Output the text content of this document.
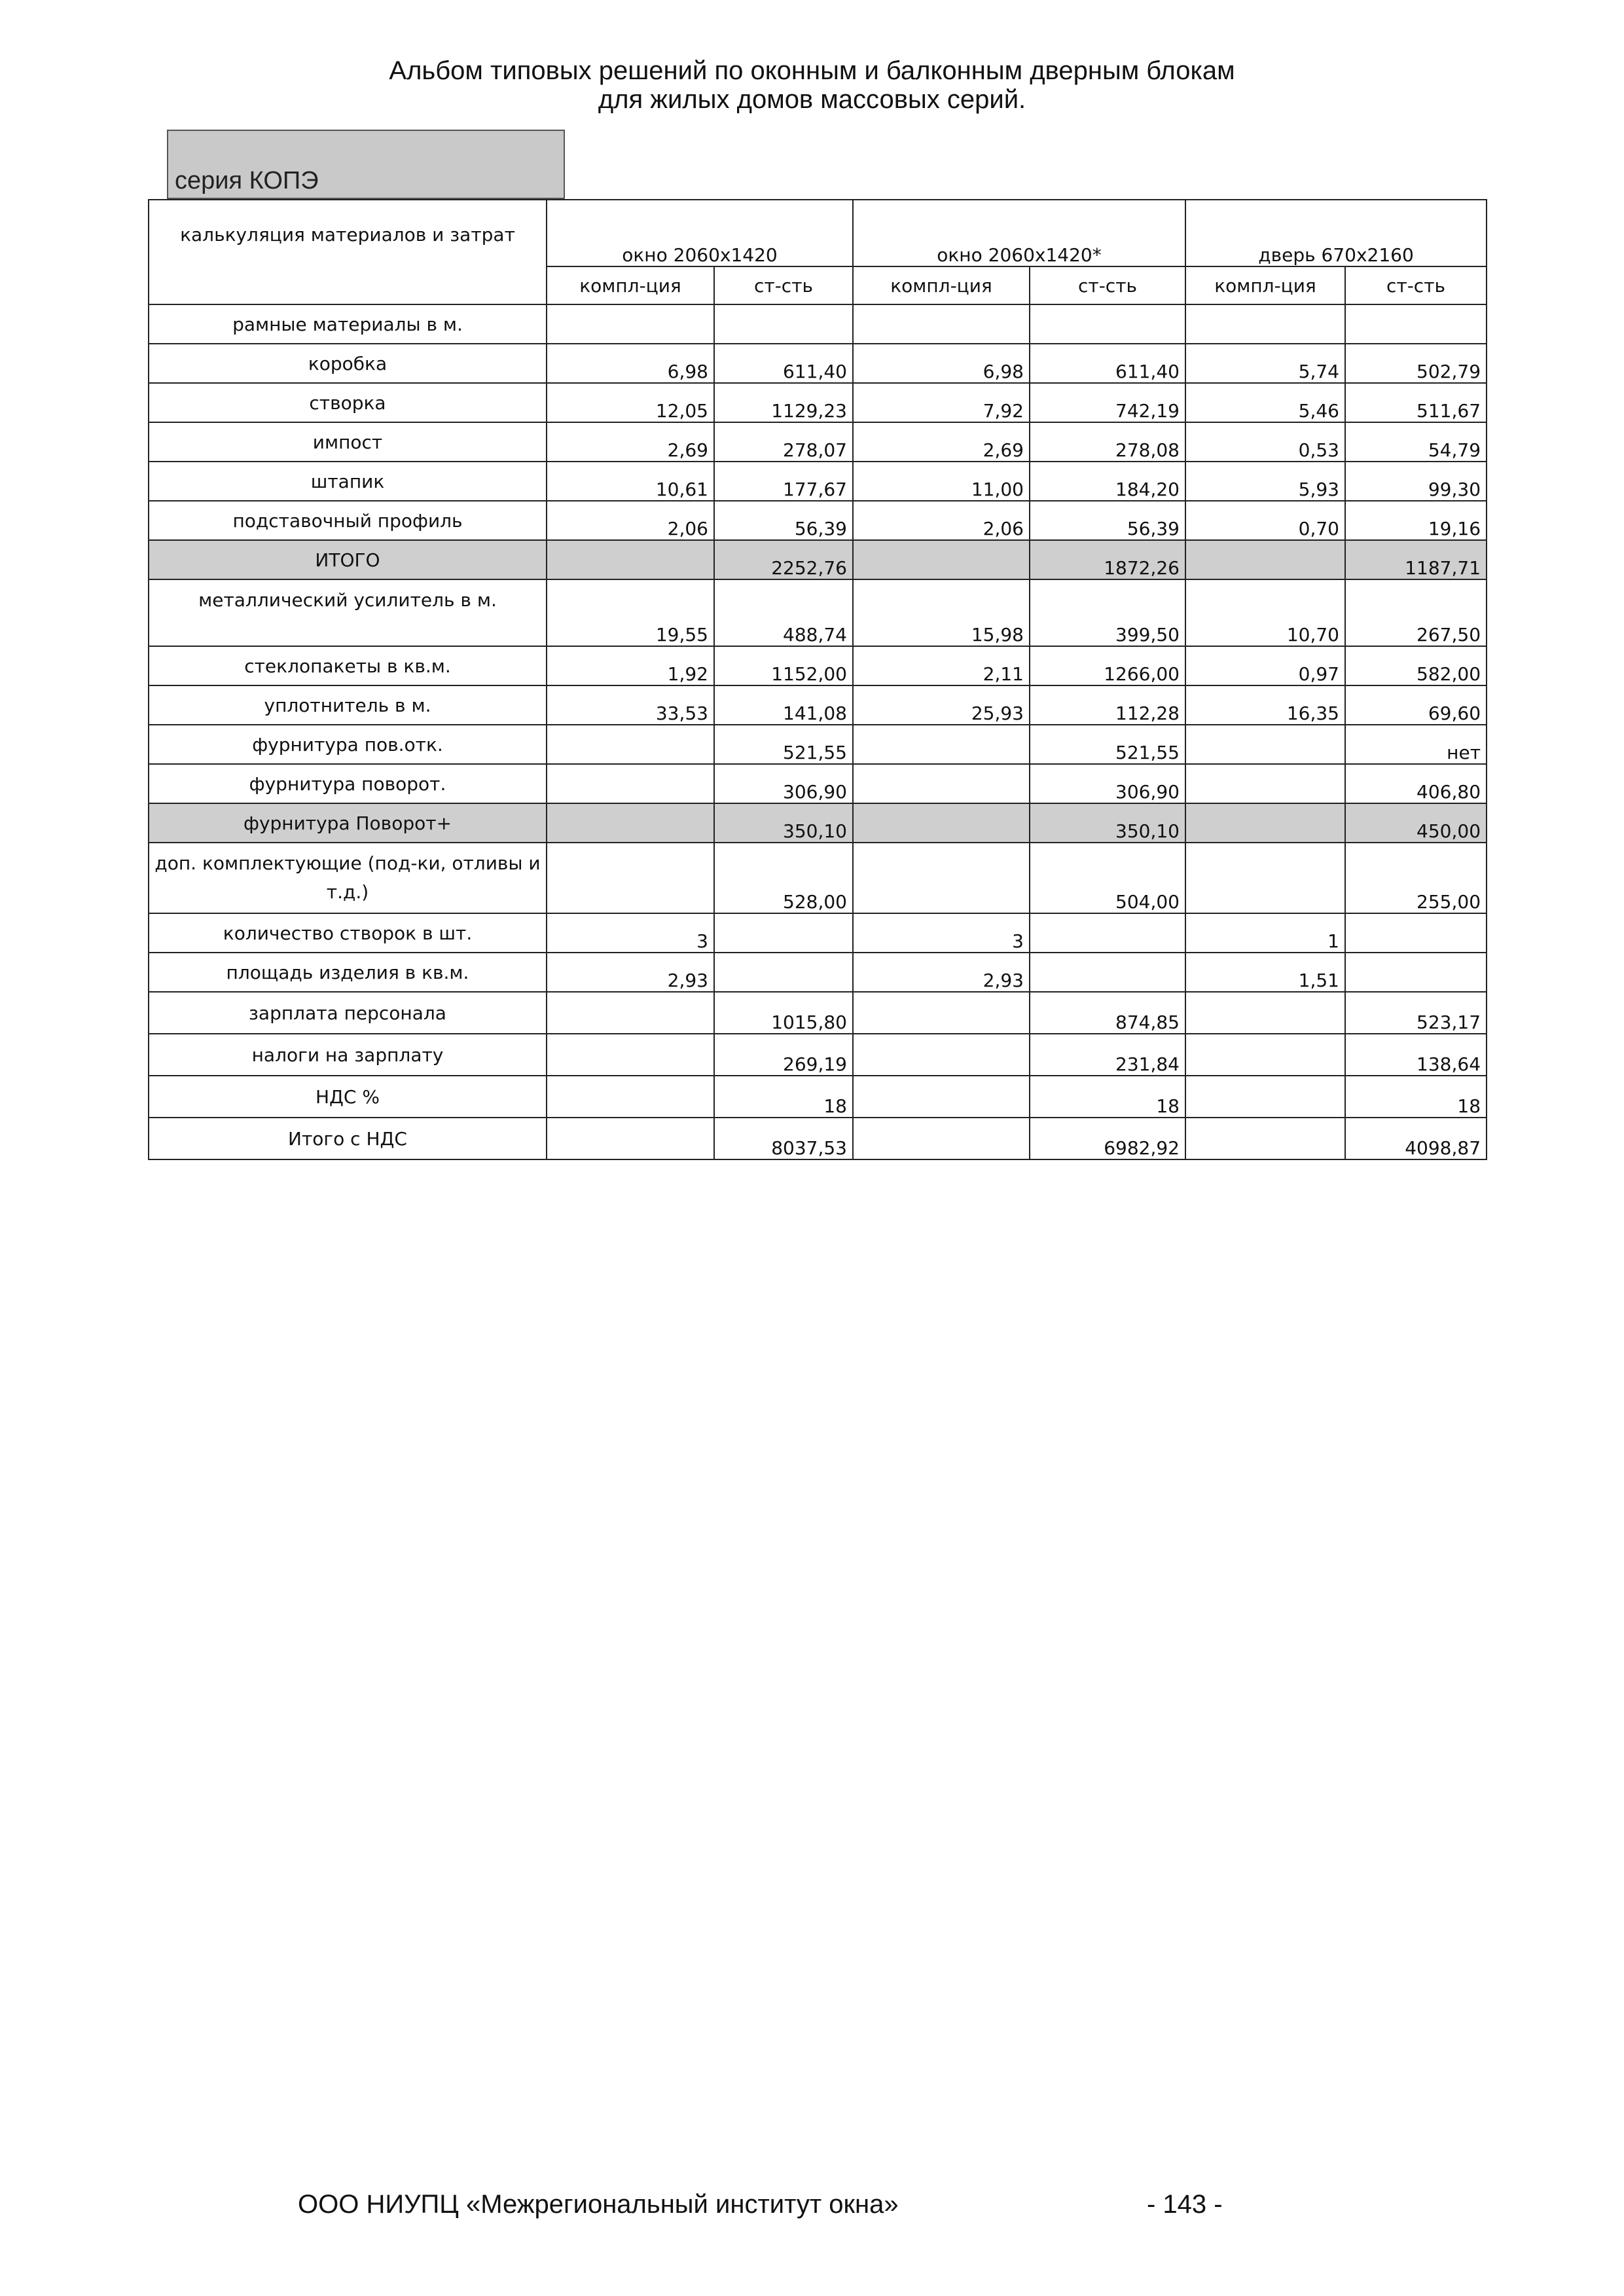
Альбом типовых решений по оконным и балконным дверным блокам
для жилых домов массовых серий.
серия КОПЭ
калькуляция материалов и затрат	окно 2060х1420		окно 2060х1420*		дверь 670х2160	
	компл-ция	ст-сть	компл-ция	ст-сть	компл-ция	ст-сть
рамные материалы в м.						
коробка	6,98	611,40	6,98	611,40	5,74	502,79
створка	12,05	1129,23	7,92	742,19	5,46	511,67
импост	2,69	278,07	2,69	278,08	0,53	54,79
штапик	10,61	177,67	11,00	184,20	5,93	99,30
подставочный профиль	2,06	56,39	2,06	56,39	0,70	19,16
ИТОГО		2252,76		1872,26		1187,71
металлический усилитель в м.	19,55	488,74	15,98	399,50	10,70	267,50
стеклопакеты в кв.м.	1,92	1152,00	2,11	1266,00	0,97	582,00
уплотнитель в м.	33,53	141,08	25,93	112,28	16,35	69,60
фурнитура пов.отк.		521,55		521,55		нет
фурнитура поворот.		306,90		306,90		406,80
фурнитура Поворот+		350,10		350,10		450,00
доп. комплектующие (под-ки, отливы и т.д.)		528,00		504,00		255,00
количество створок в шт.	3		3		1	
площадь изделия в кв.м.	2,93		2,93		1,51	
зарплата персонала		1015,80		874,85		523,17
налоги на зарплату		269,19		231,84		138,64
НДС %		18		18		18
Итого с НДС		8037,53		6982,92		4098,87
ООО НИУПЦ «Межрегиональный институт окна»	- 143 -
